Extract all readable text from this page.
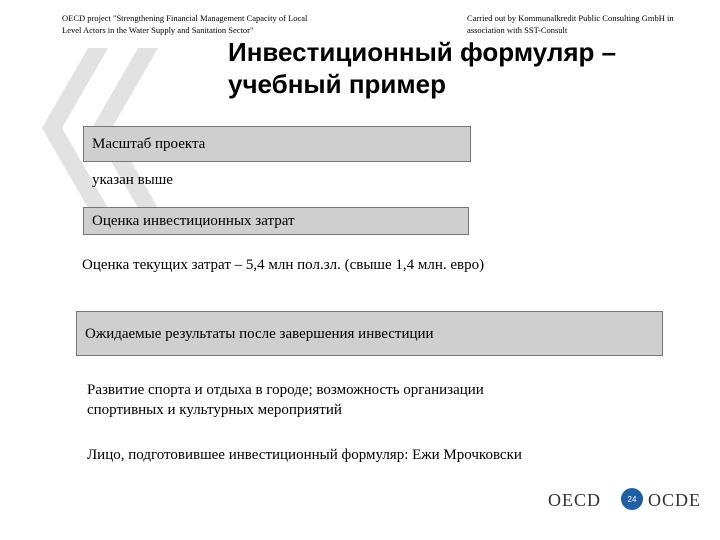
OECD project "Strengthening Financial Management Capacity of Local
Level Actors in the Water Supply and Sanitation Sector"
Carried out by Kommunalkredit Public Consulting GmbH in
association with SST-Consult
Инвестиционный формуляр –
учебный пример
Масштаб проекта
указан выше
Оценка инвестиционных затрат
Оценка текущих затрат – 5,4 млн пол.зл. (свыше 1,4 млн. евро)
Ожидаемые результаты после завершения инвестиции
Развитие спорта и отдыха в городе; возможность организации
спортивных и культурных мероприятий
Лицо, подготовившее инвестиционный формуляр: Ежи Мрочковски
OECD	24 OCDE
